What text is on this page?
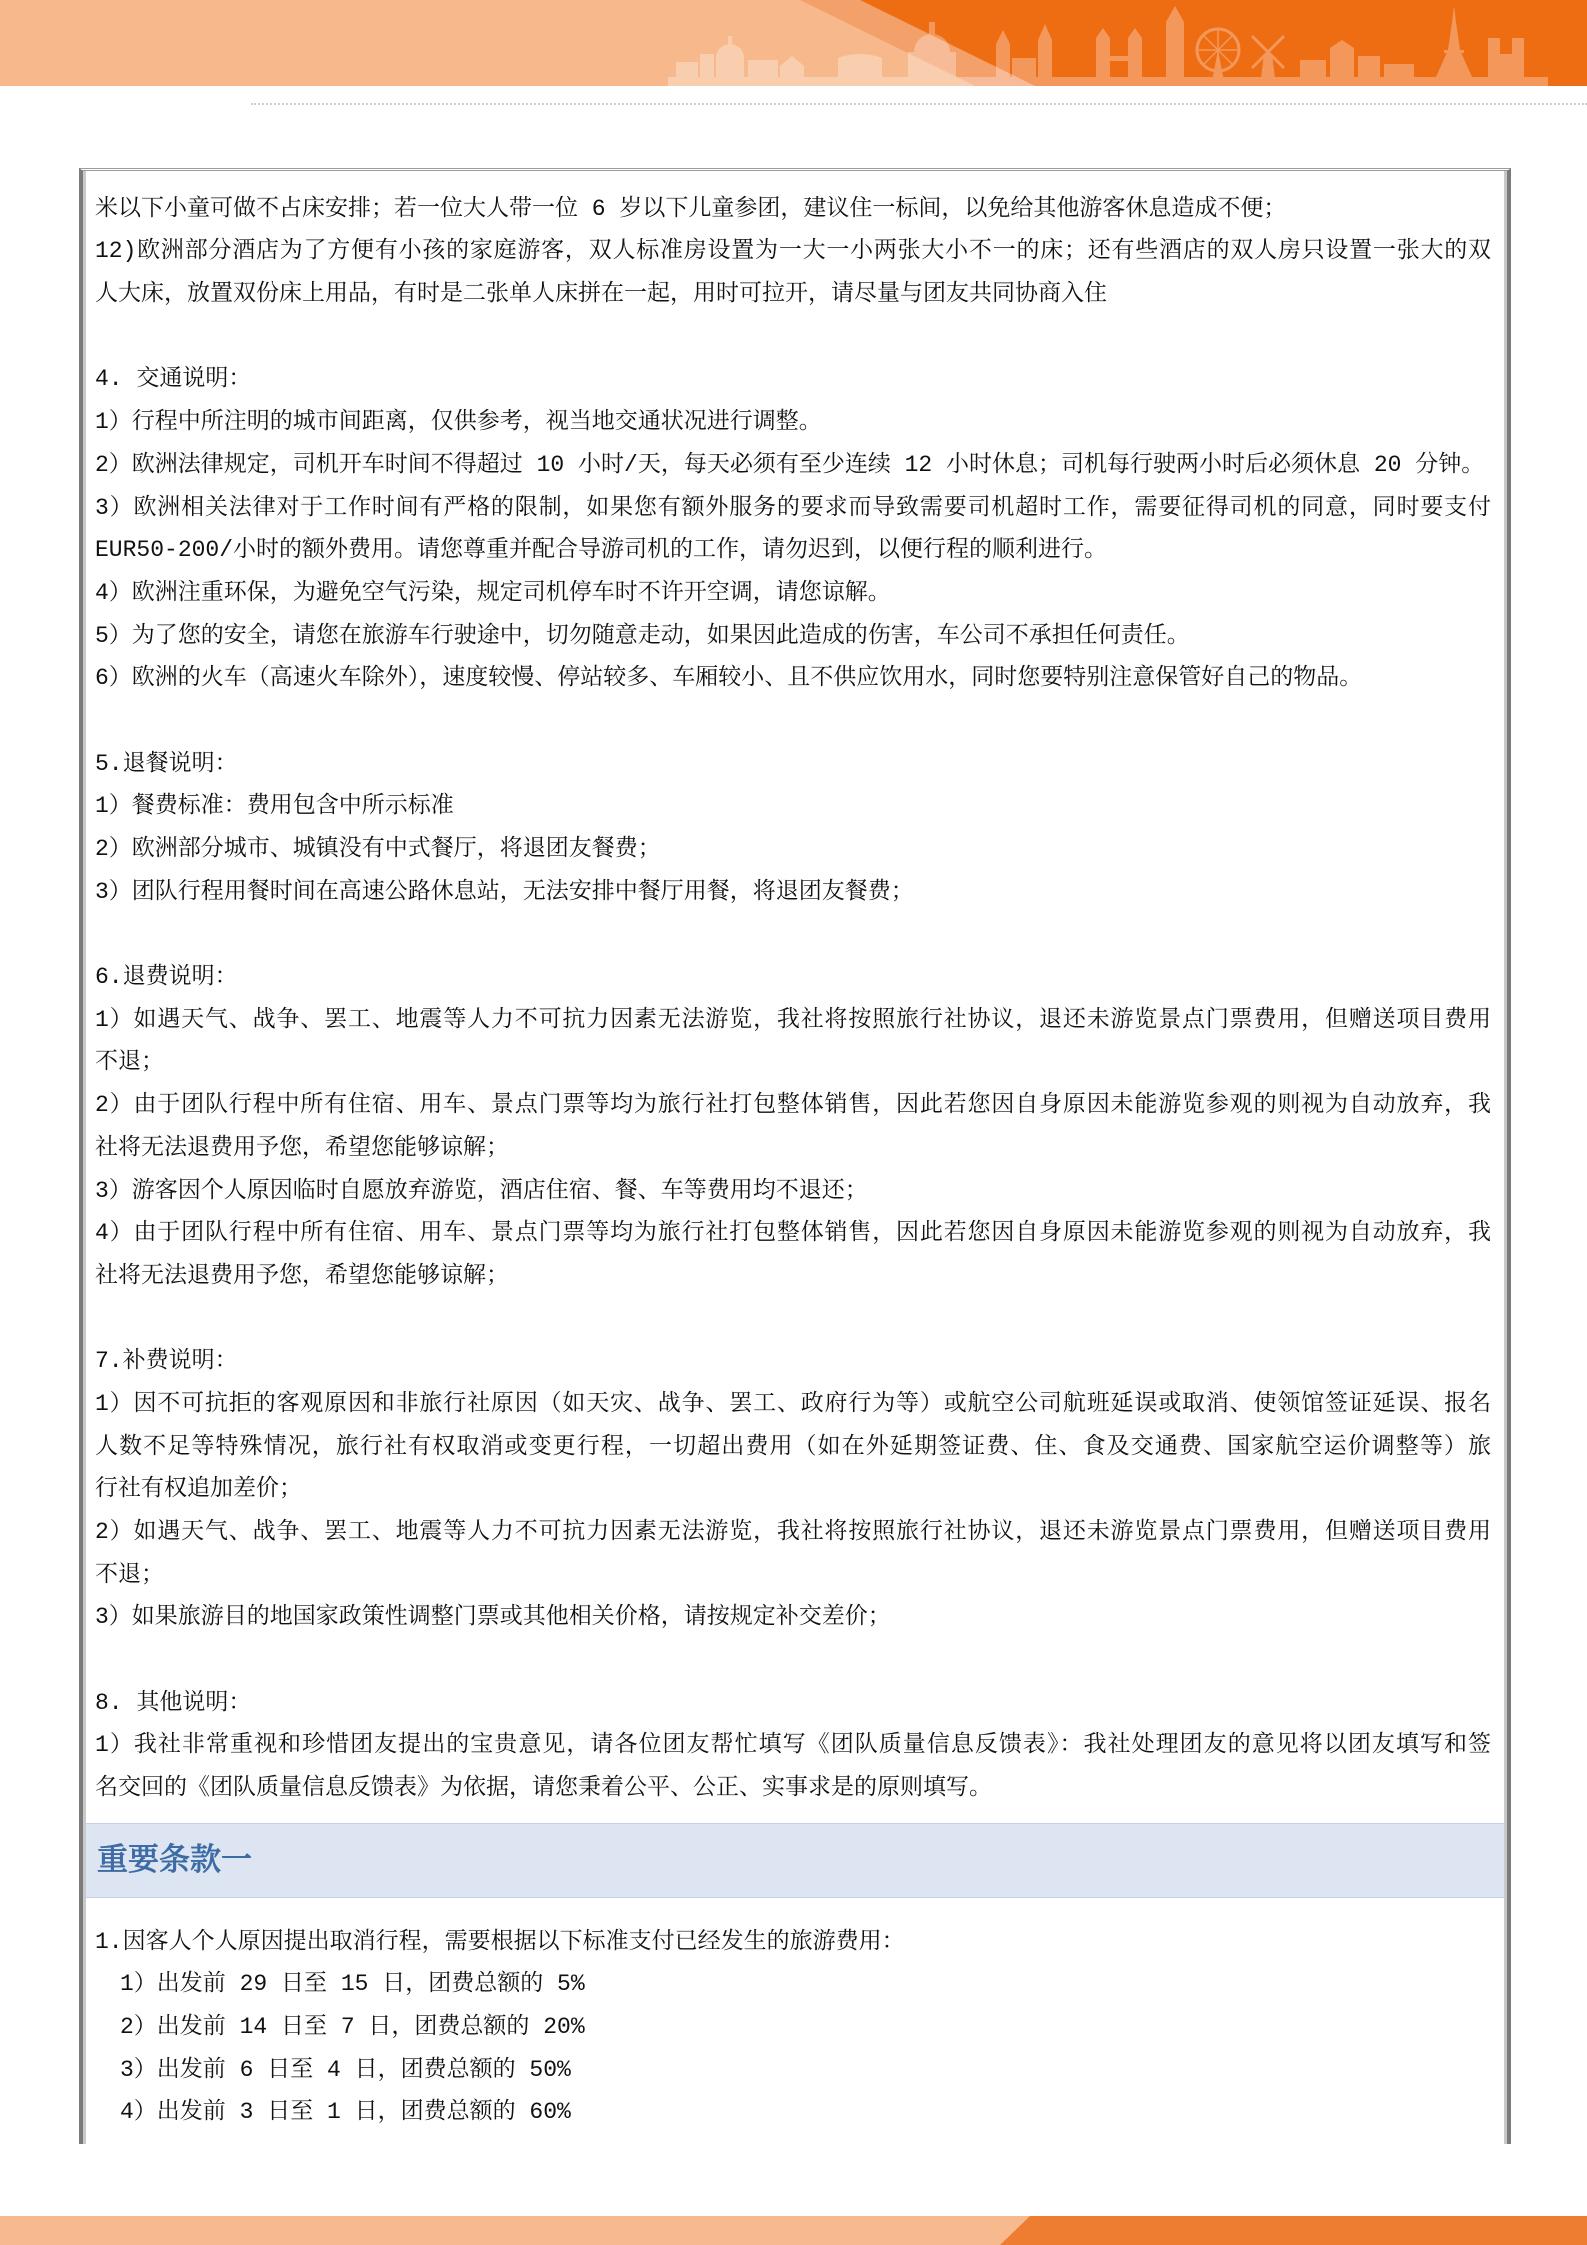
米以下小童可做不占床安排；若一位大人带一位 6 岁以下儿童参团，建议住一标间，以免给其他游客休息造成不便；
12)欧洲部分酒店为了方便有小孩的家庭游客，双人标准房设置为一大一小两张大小不一的床；还有些酒店的双人房只设置一张大的双
人大床，放置双份床上用品，有时是二张单人床拼在一起，用时可拉开，请尽量与团友共同协商入住
4. 交通说明：
1）行程中所注明的城市间距离，仅供参考，视当地交通状况进行调整。
2）欧洲法律规定，司机开车时间不得超过 10 小时/天，每天必须有至少连续 12 小时休息；司机每行驶两小时后必须休息 20 分钟。
3）欧洲相关法律对于工作时间有严格的限制，如果您有额外服务的要求而导致需要司机超时工作，需要征得司机的同意，同时要支付
EUR50-200/小时的额外费用。请您尊重并配合导游司机的工作，请勿迟到，以便行程的顺利进行。
4）欧洲注重环保，为避免空气污染，规定司机停车时不许开空调，请您谅解。
5）为了您的安全，请您在旅游车行驶途中，切勿随意走动，如果因此造成的伤害，车公司不承担任何责任。
6）欧洲的火车（高速火车除外），速度较慢、停站较多、车厢较小、且不供应饮用水，同时您要特别注意保管好自己的物品。
5.退餐说明：
1）餐费标准：费用包含中所示标准
2）欧洲部分城市、城镇没有中式餐厅，将退团友餐费；
3）团队行程用餐时间在高速公路休息站，无法安排中餐厅用餐，将退团友餐费；
6.退费说明：
1）如遇天气、战争、罢工、地震等人力不可抗力因素无法游览，我社将按照旅行社协议，退还未游览景点门票费用，但赠送项目费用
不退；
2）由于团队行程中所有住宿、用车、景点门票等均为旅行社打包整体销售，因此若您因自身原因未能游览参观的则视为自动放弃，我
社将无法退费用予您，希望您能够谅解；
3）游客因个人原因临时自愿放弃游览，酒店住宿、餐、车等费用均不退还；
4）由于团队行程中所有住宿、用车、景点门票等均为旅行社打包整体销售，因此若您因自身原因未能游览参观的则视为自动放弃，我
社将无法退费用予您，希望您能够谅解；
7.补费说明：
1）因不可抗拒的客观原因和非旅行社原因（如天灾、战争、罢工、政府行为等）或航空公司航班延误或取消、使领馆签证延误、报名
人数不足等特殊情况，旅行社有权取消或变更行程，一切超出费用（如在外延期签证费、住、食及交通费、国家航空运价调整等）旅
行社有权追加差价；
2）如遇天气、战争、罢工、地震等人力不可抗力因素无法游览，我社将按照旅行社协议，退还未游览景点门票费用，但赠送项目费用
不退；
3）如果旅游目的地国家政策性调整门票或其他相关价格，请按规定补交差价；
8. 其他说明：
1）我社非常重视和珍惜团友提出的宝贵意见，请各位团友帮忙填写《团队质量信息反馈表》：我社处理团友的意见将以团友填写和签
名交回的《团队质量信息反馈表》为依据，请您秉着公平、公正、实事求是的原则填写。
重要条款一
1.因客人个人原因提出取消行程，需要根据以下标准支付已经发生的旅游费用：
1）出发前 29 日至 15 日，团费总额的 5%
2）出发前 14 日至 7 日，团费总额的 20%
3）出发前 6 日至 4 日，团费总额的 50%
4）出发前 3 日至 1 日，团费总额的 60%
